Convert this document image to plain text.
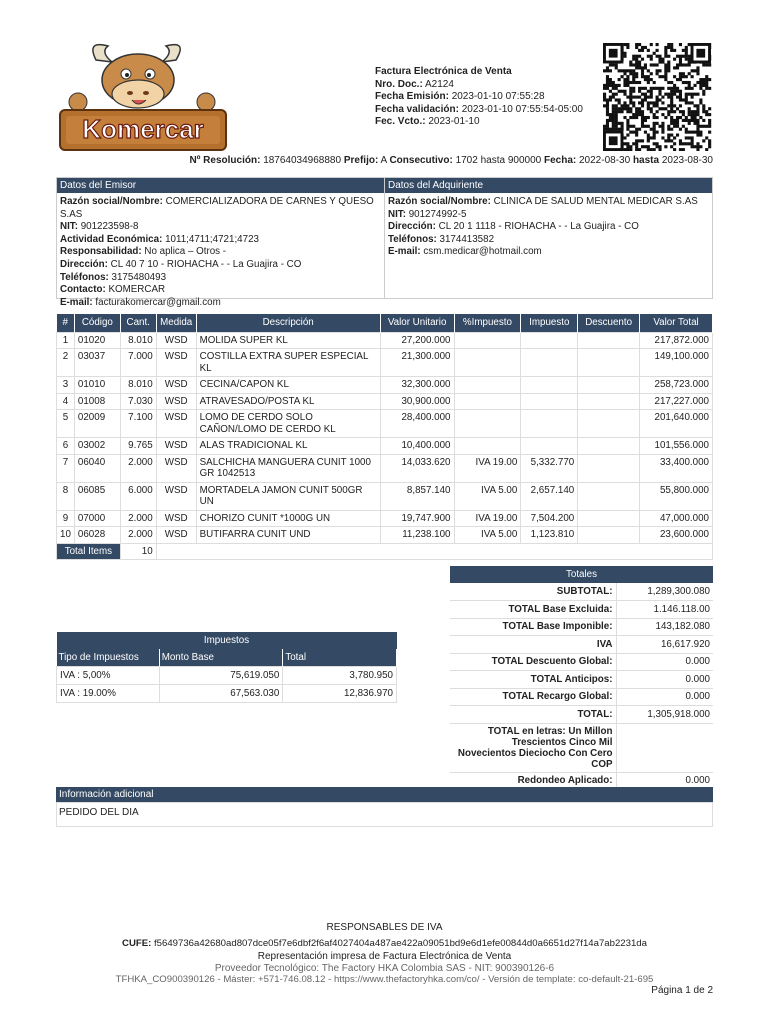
Komercar
Factura Electrónica de Venta
Nro. Doc.: A2124
Fecha Emisión: 2023-01-10 07:55:28
Fecha validación: 2023-01-10 07:55:54-05:00
Fec. Vcto.: 2023-01-10
Nº Resolución: 18764034968880 Prefijo: A Consecutivo: 1702 hasta 900000 Fecha: 2022-08-30 hasta 2023-08-30
Datos del Emisor
Razón social/Nombre: COMERCIALIZADORA DE CARNES Y QUESO S.AS
NIT: 901223598-8
Actividad Económica: 1011;4711;4721;4723
Responsabilidad: No aplica – Otros -
Dirección: CL 40 7 10 - RIOHACHA - - La Guajira - CO
Teléfonos: 3175480493
Contacto: KOMERCAR
E-mail: facturakomercar@gmail.com
Datos del Adquiriente
Razón social/Nombre: CLINICA DE SALUD MENTAL MEDICAR S.AS
NIT: 901274992-5
Dirección: CL 20 1 1118 - RIOHACHA - - La Guajira - CO
Teléfonos: 3174413582
E-mail: csm.medicar@hotmail.com
#	Código	Cant.	Medida	Descripción	Valor Unitario	%Impuesto	Impuesto	Descuento	Valor Total
1	01020	8.010	WSD	MOLIDA SUPER KL	27,200.000				217,872.000
2	03037	7.000	WSD	COSTILLA EXTRA SUPER ESPECIAL KL	21,300.000				149,100.000
3	01010	8.010	WSD	CECINA/CAPON KL	32,300.000				258,723.000
4	01008	7.030	WSD	ATRAVESADO/POSTA KL	30,900.000				217,227.000
5	02009	7.100	WSD	LOMO DE CERDO SOLO CAÑON/LOMO DE CERDO KL	28,400.000				201,640.000
6	03002	9.765	WSD	ALAS TRADICIONAL KL	10,400.000				101,556.000
7	06040	2.000	WSD	SALCHICHA MANGUERA CUNIT 1000 GR 1042513	14,033.620	IVA 19.00	5,332.770		33,400.000
8	06085	6.000	WSD	MORTADELA JAMON CUNIT 500GR UN	8,857.140	IVA 5.00	2,657.140		55,800.000
9	07000	2.000	WSD	CHORIZO CUNIT *1000G UN	19,747.900	IVA 19.00	7,504.200		47,000.000
10	06028	2.000	WSD	BUTIFARRA CUNIT UND	11,238.100	IVA 5.00	1,123.810		23,600.000
Total Items		10							
Totales	
SUBTOTAL:	1,289,300.080
TOTAL Base Excluida:	1.146.118.00
TOTAL Base Imponible:	143,182.080
IVA	16,617.920
TOTAL Descuento Global:	0.000
TOTAL Anticipos:	0.000
TOTAL Recargo Global:	0.000
TOTAL:	1,305,918.000
TOTAL en letras: Un Millon Trescientos Cinco Mil Novecientos Dieciocho Con Cero COP	
Redondeo Aplicado:	0.000
Impuestos		
Tipo de Impuestos	Monto Base	Total
IVA : 5,00%	75,619.050	3,780.950
IVA : 19.00%	67,563.030	12,836.970
Información adicional
PEDIDO DEL DIA
RESPONSABLES DE IVA
CUFE: f5649736a42680ad807dce05f7e6dbf2f6af4027404a487ae422a09051bd9e6d1efe00844d0a6651d27f14a7ab2231da
Representación impresa de Factura Electrónica de Venta
Proveedor Tecnológico: The Factory HKA Colombia SAS - NIT: 900390126-6
TFHKA_CO900390126 - Máster: +571-746.08.12 - https://www.thefactoryhka.com/co/ - Versión de template: co-default-21-695
Página 1 de 2
